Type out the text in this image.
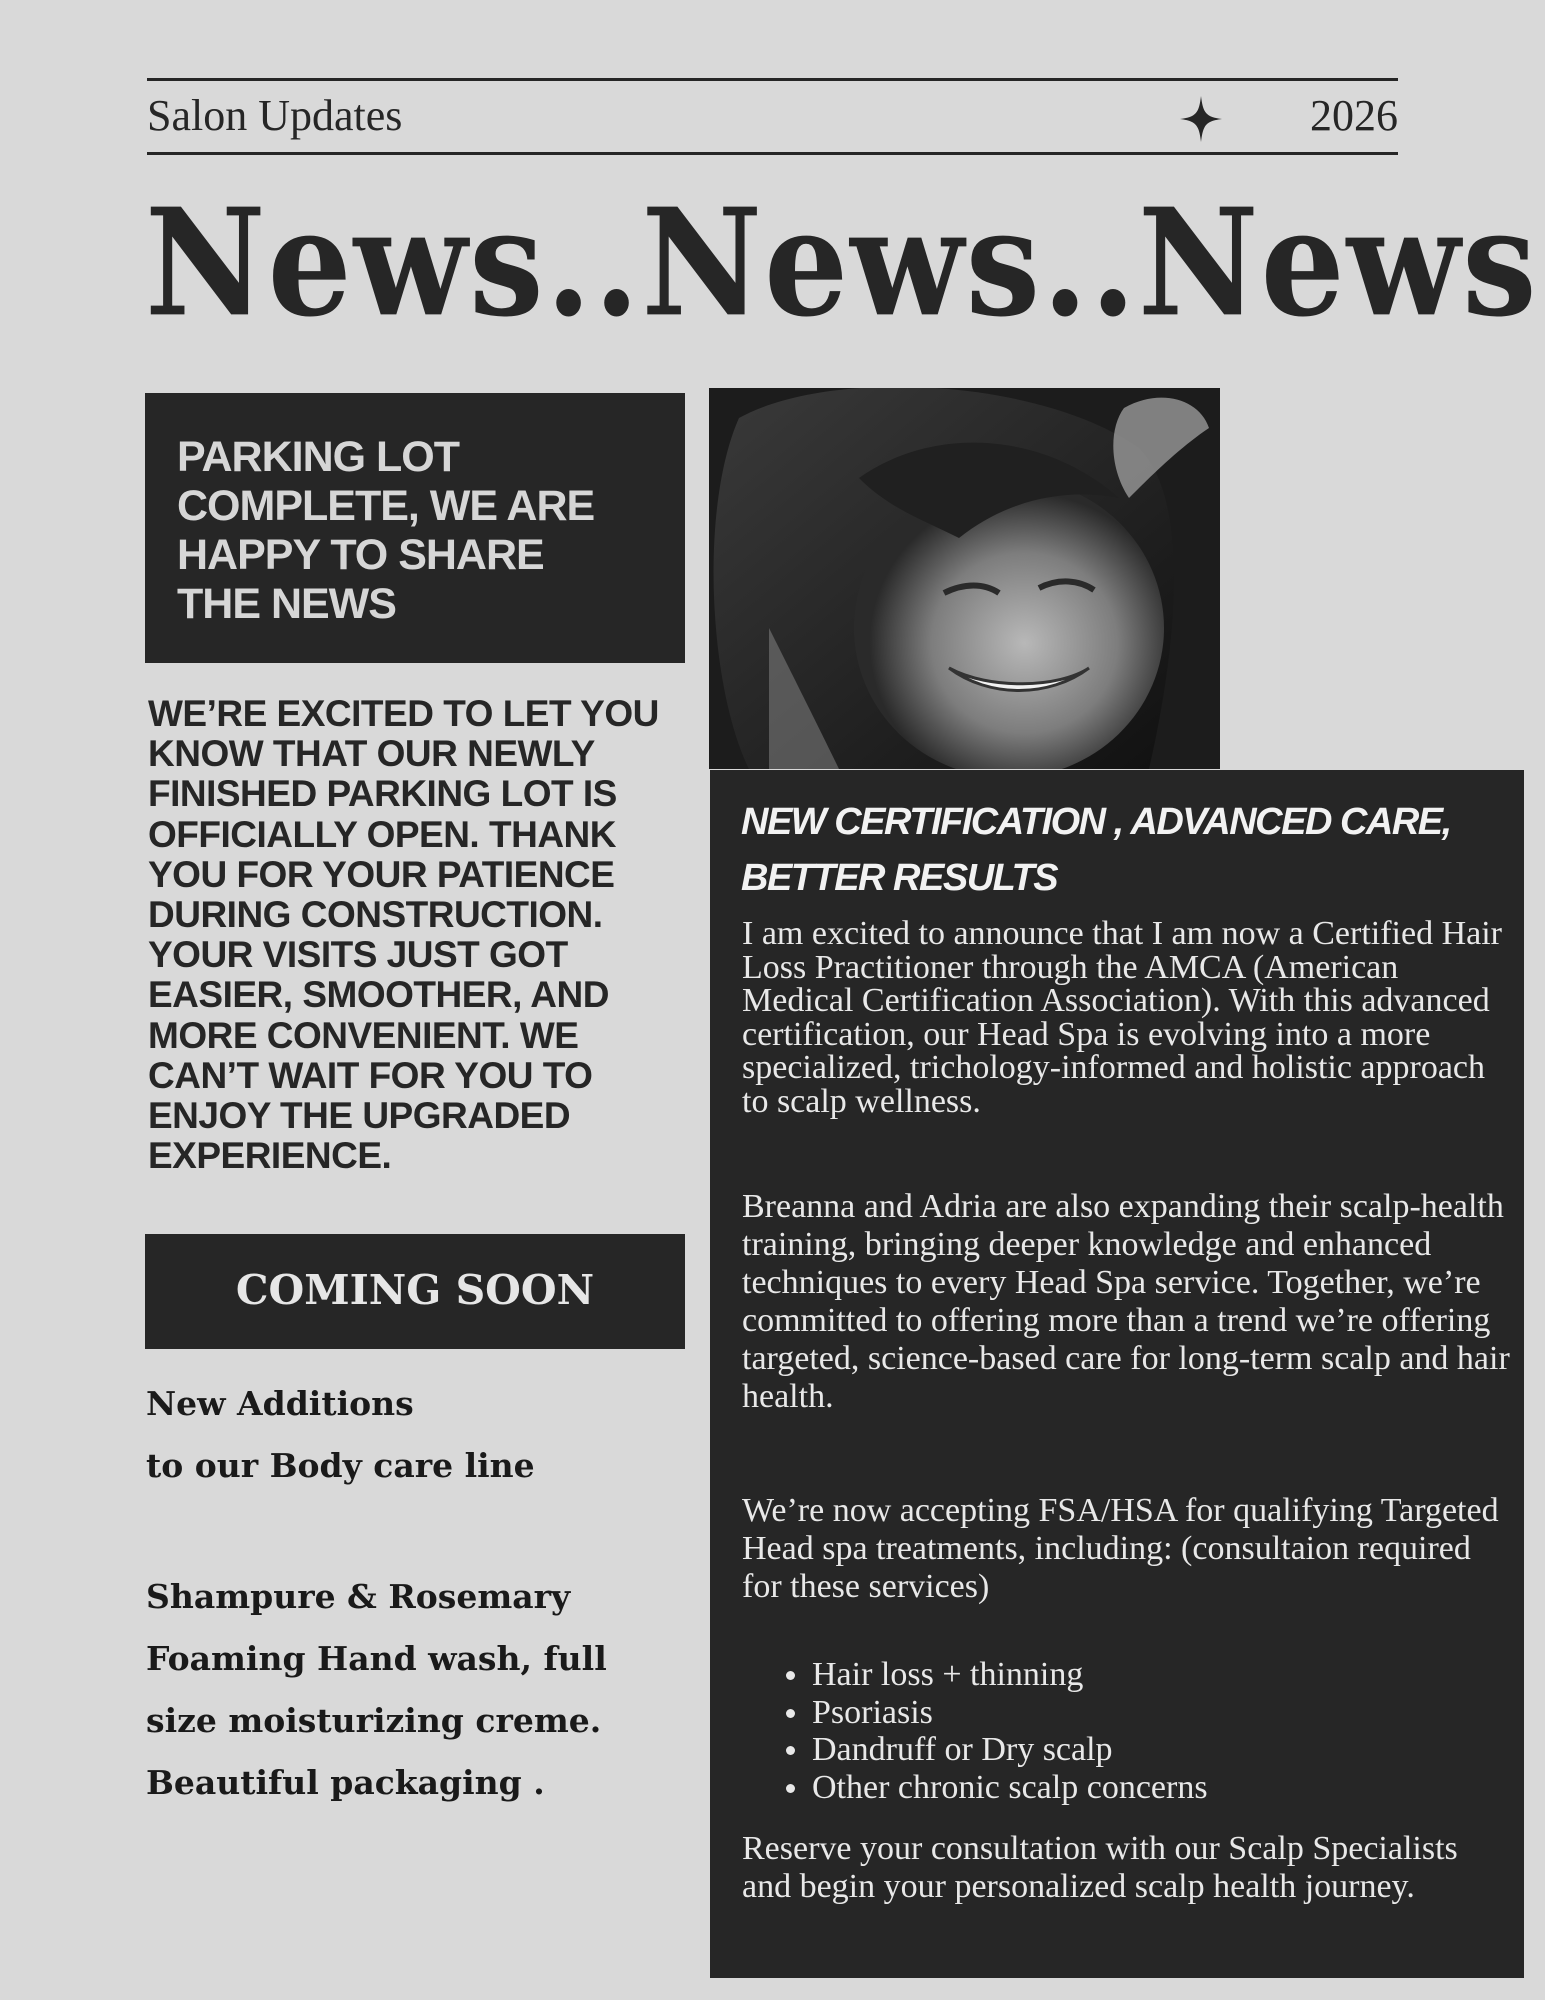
Salon Updates	2026
News..News..News
PARKING LOT COMPLETE, WE ARE HAPPY TO SHARE THE NEWS
WE’RE EXCITED TO LET YOU KNOW THAT OUR NEWLY FINISHED PARKING LOT IS OFFICIALLY OPEN. THANK YOU FOR YOUR PATIENCE DURING CONSTRUCTION. YOUR VISITS JUST GOT EASIER, SMOOTHER, AND MORE CONVENIENT. WE CAN’T WAIT FOR YOU TO ENJOY THE UPGRADED EXPERIENCE.
COMING SOON
New Additions
to our Body care line
Shampure & Rosemary Foaming Hand wash, full size moisturizing creme. Beautiful packaging .
NEW CERTIFICATION , ADVANCED CARE, BETTER RESULTS
I am excited to announce that I am now a Certified Hair Loss Practitioner through the AMCA (American Medical Certification Association). With this advanced certification, our Head Spa is evolving into a more specialized, trichology-informed and holistic approach to scalp wellness.
Breanna and Adria are also expanding their scalp-health training, bringing deeper knowledge and enhanced techniques to every Head Spa service. Together, we’re committed to offering more than a trend we’re offering targeted, science-based care for long-term scalp and hair health.
We’re now accepting FSA/HSA for qualifying Targeted Head spa treatments, including: (consultaion required for these services)
Hair loss + thinning
Psoriasis
Dandruff or Dry scalp
Other chronic scalp concerns
Reserve your consultation with our Scalp Specialists and begin your personalized scalp health journey.
